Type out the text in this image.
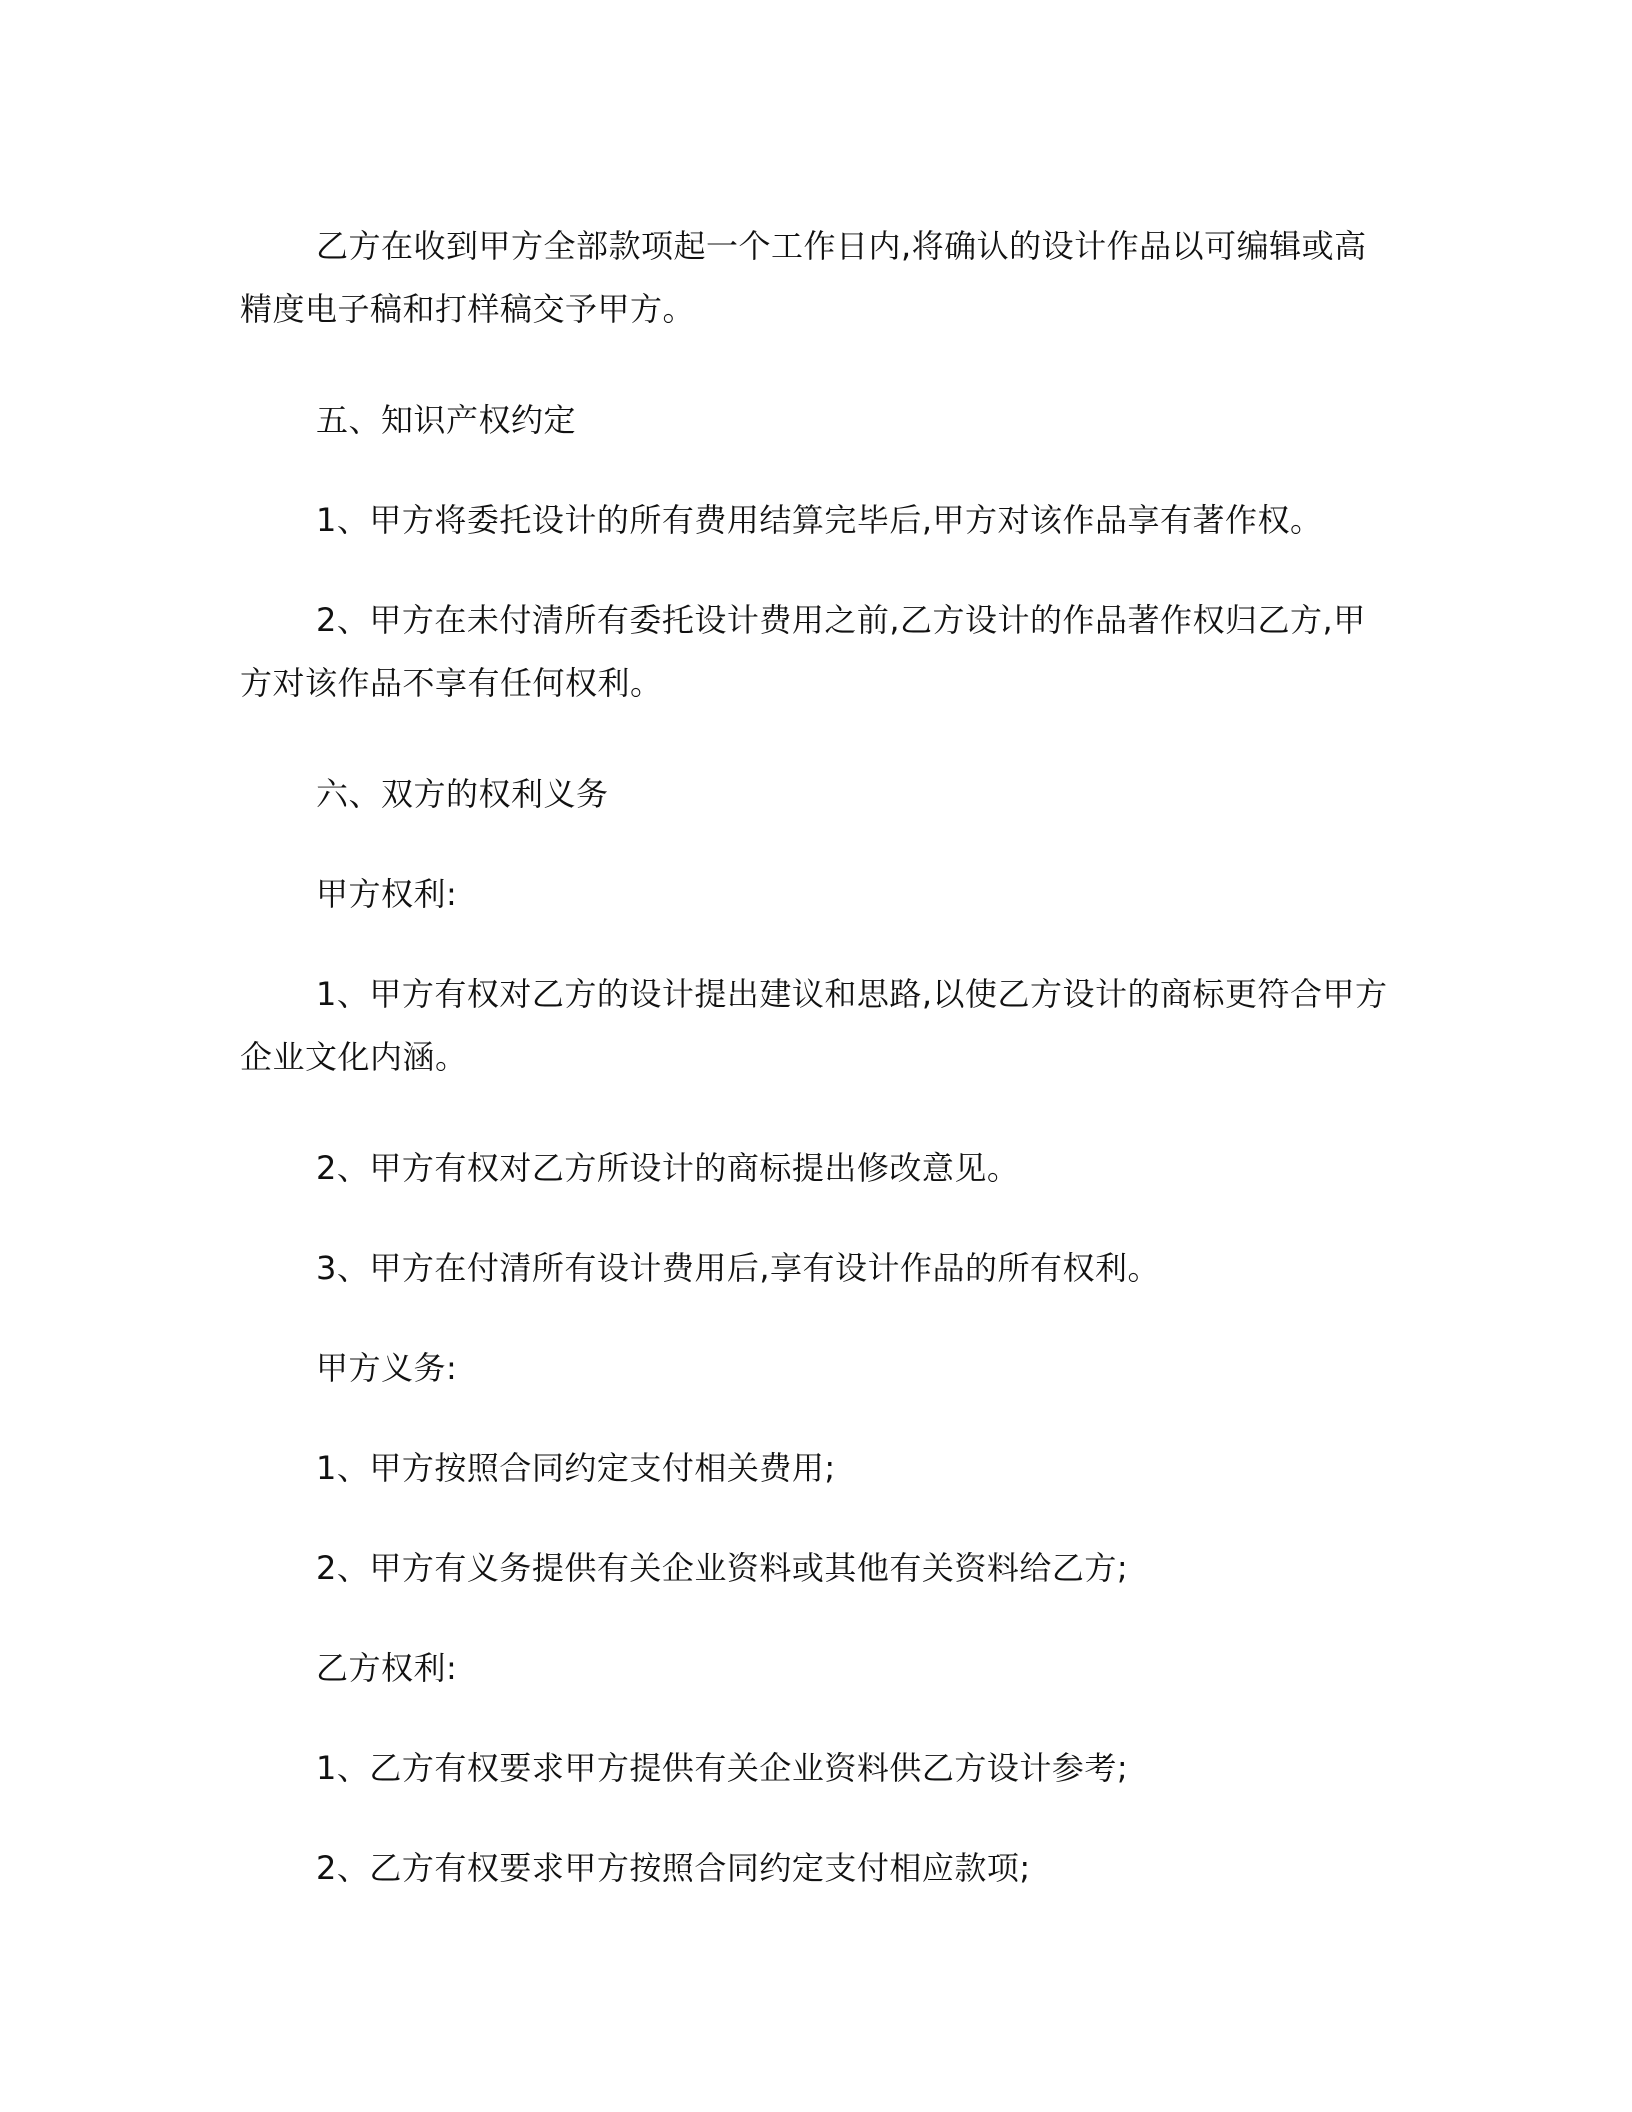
乙方在收到甲方全部款项起一个工作日内,将确认的设计作品以可编辑或高精度电子稿和打样稿交予甲方。

五、知识产权约定

1、甲方将委托设计的所有费用结算完毕后,甲方对该作品享有著作权。

2、甲方在未付清所有委托设计费用之前,乙方设计的作品著作权归乙方,甲方对该作品不享有任何权利。

六、双方的权利义务

甲方权利:

1、甲方有权对乙方的设计提出建议和思路,以使乙方设计的商标更符合甲方企业文化内涵。

2、甲方有权对乙方所设计的商标提出修改意见。

3、甲方在付清所有设计费用后,享有设计作品的所有权利。

甲方义务:

1、甲方按照合同约定支付相关费用;

2、甲方有义务提供有关企业资料或其他有关资料给乙方;

乙方权利:

1、乙方有权要求甲方提供有关企业资料供乙方设计参考;

2、乙方有权要求甲方按照合同约定支付相应款项;
